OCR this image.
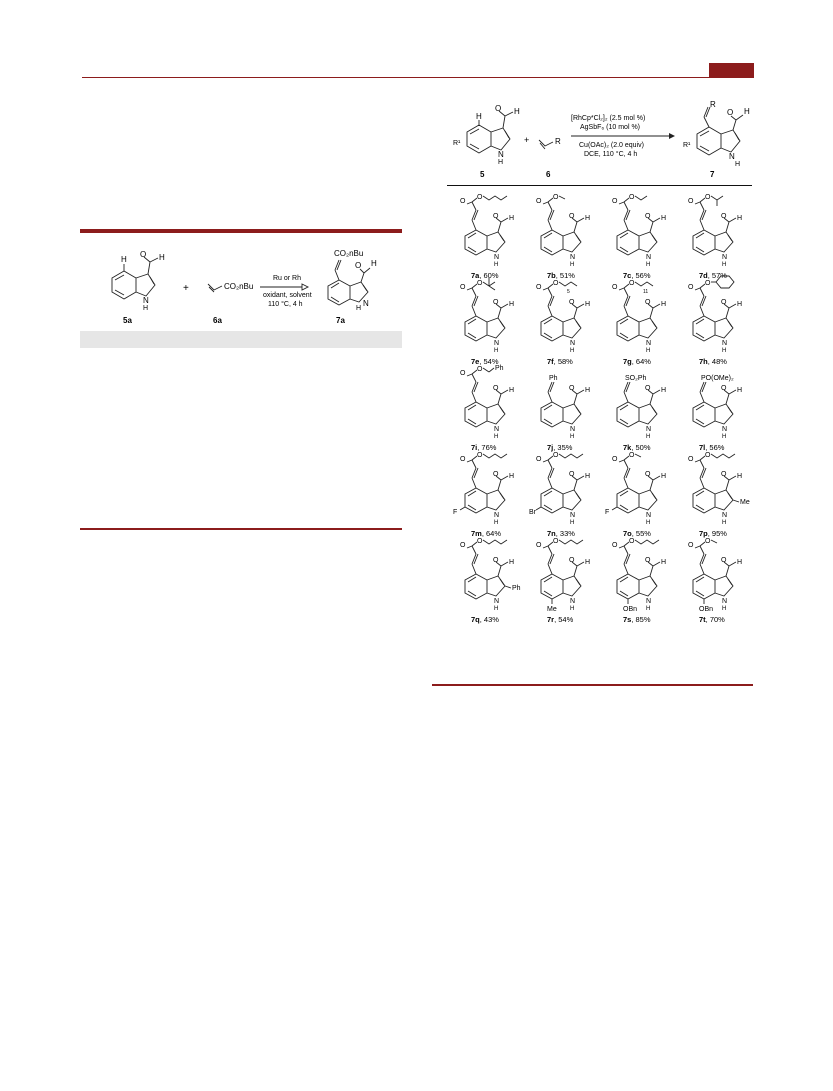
H
O H
N
H
5a
+	CO₂nBu
6a
Ru or Rh
oxidant, solvent
110 °C, 4 h
CO₂nBu
O H
N
H
7a
H
O H
R¹
N
H
5
+	R
6
[RhCp*Cl₂]₂ (2.5 mol %)
AgSbF₆ (10 mol %)
Cu(OAc)₂ (2.0 equiv)
DCE, 110 °C, 4 h
R
O H
R¹
N
H
7
O H
N
H
O
O
7a, 60%
O H
N
H
O
O
7b, 51%
O H
N
H
O
O
7c, 56%
O H
N
H
O
O
7d, 57%
O H
N
H
O
O
7e, 54%
O H
N
H
O
O
5
7f, 58%
O H
N
H
O
O
11
7g, 64%
O H
N
H
O
O
7h, 48%
O H
N
H
O
O Ph
7i, 76%
O H
N
H
Ph
7j, 35%
O H
N
H
SO₂Ph
7k, 50%
O H
N
H
PO(OMe)₂
7l, 56%
O H
N
H
O
O
F
7m, 64%
O H
N
H
O
O
Br
7n, 33%
O H
N
H
O
O
F
7o, 55%
O H
N
H
O
O
Me
7p, 95%
O H
N
H
O
O
Ph
7q, 43%
O H
N
H
O
O
Me
7r, 54%
O H
N
H
O
O
OBn
7s, 85%
O H
N
H
O
O
OBn
7t, 70%
